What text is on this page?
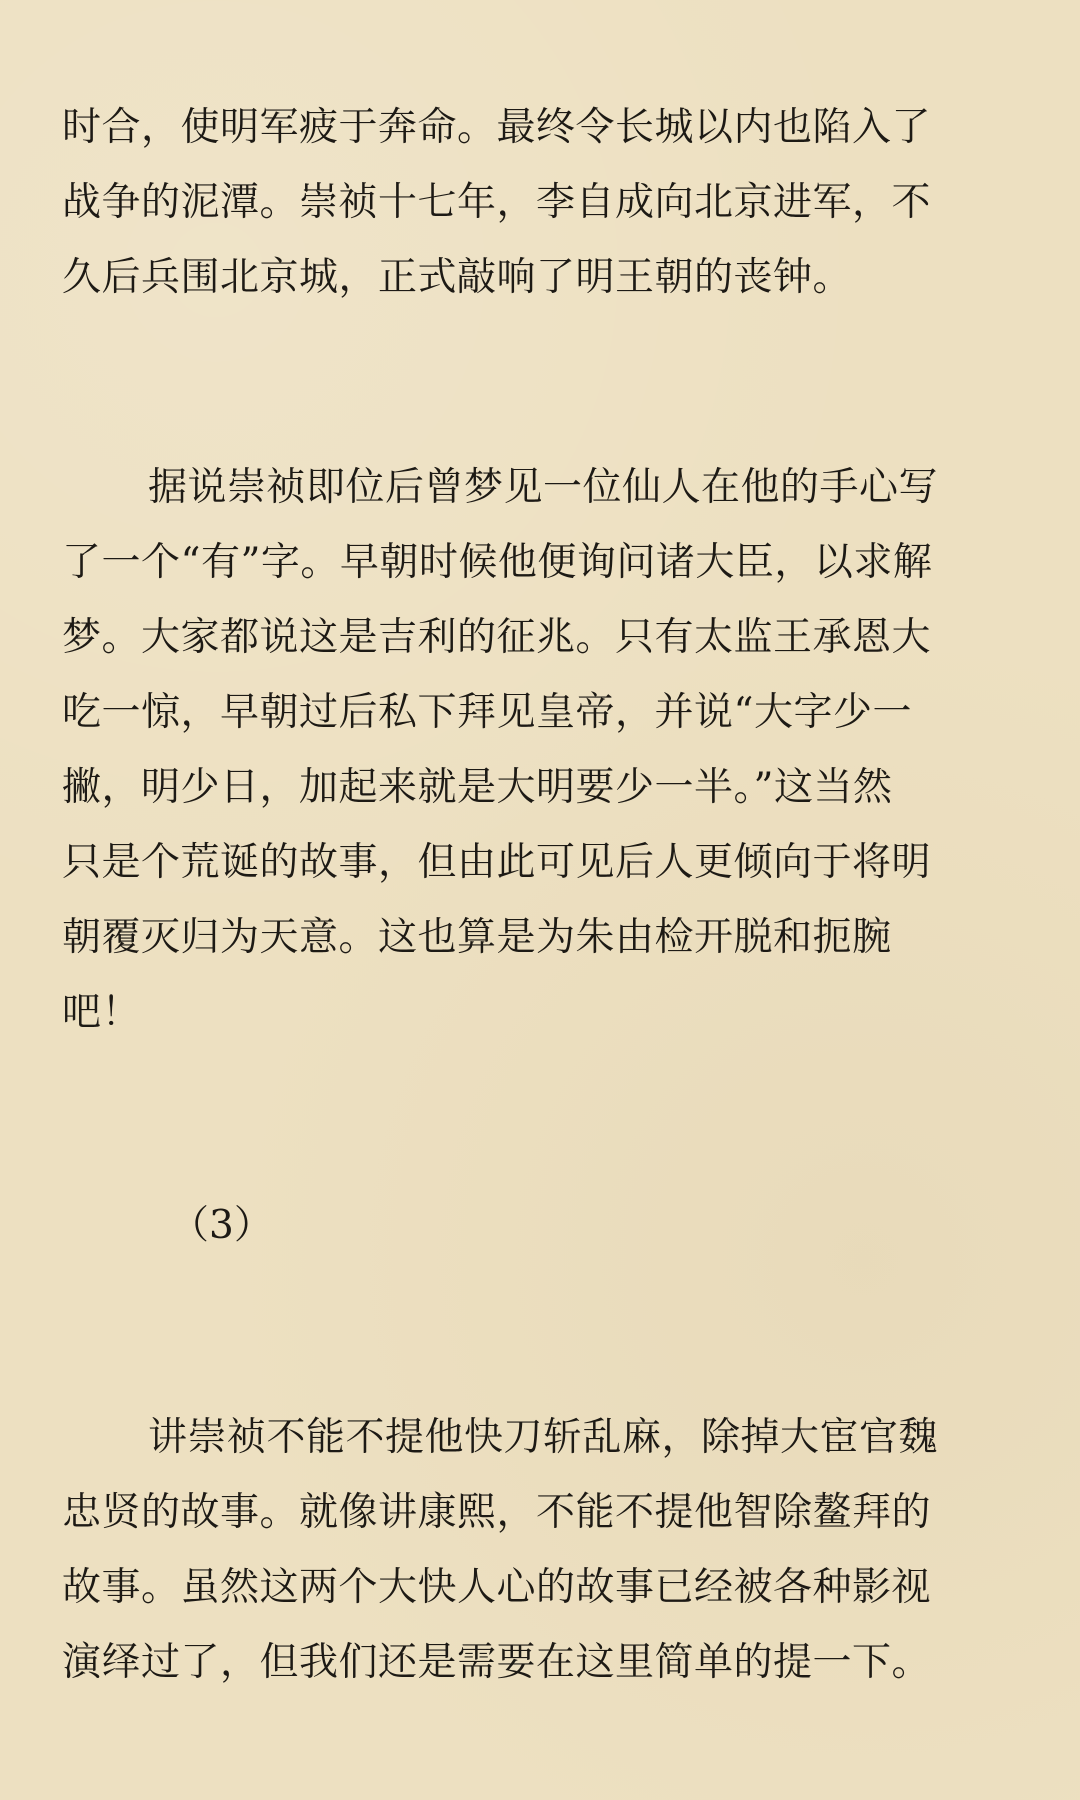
时合，使明军疲于奔命。最终令长城以内也陷入了
战争的泥潭。崇祯十七年，李自成向北京进军，不
久后兵围北京城，正式敲响了明王朝的丧钟。

据说崇祯即位后曾梦见一位仙人在他的手心写
了一个“有”字。早朝时候他便询问诸大臣，以求解
梦。大家都说这是吉利的征兆。只有太监王承恩大
吃一惊，早朝过后私下拜见皇帝，并说“大字少一
撇，明少日，加起来就是大明要少一半。”这当然
只是个荒诞的故事，但由此可见后人更倾向于将明
朝覆灭归为天意。这也算是为朱由检开脱和扼腕
吧！

（3）

讲崇祯不能不提他快刀斩乱麻，除掉大宦官魏
忠贤的故事。就像讲康熙，不能不提他智除鳌拜的
故事。虽然这两个大快人心的故事已经被各种影视
演绎过了，但我们还是需要在这里简单的提一下。
